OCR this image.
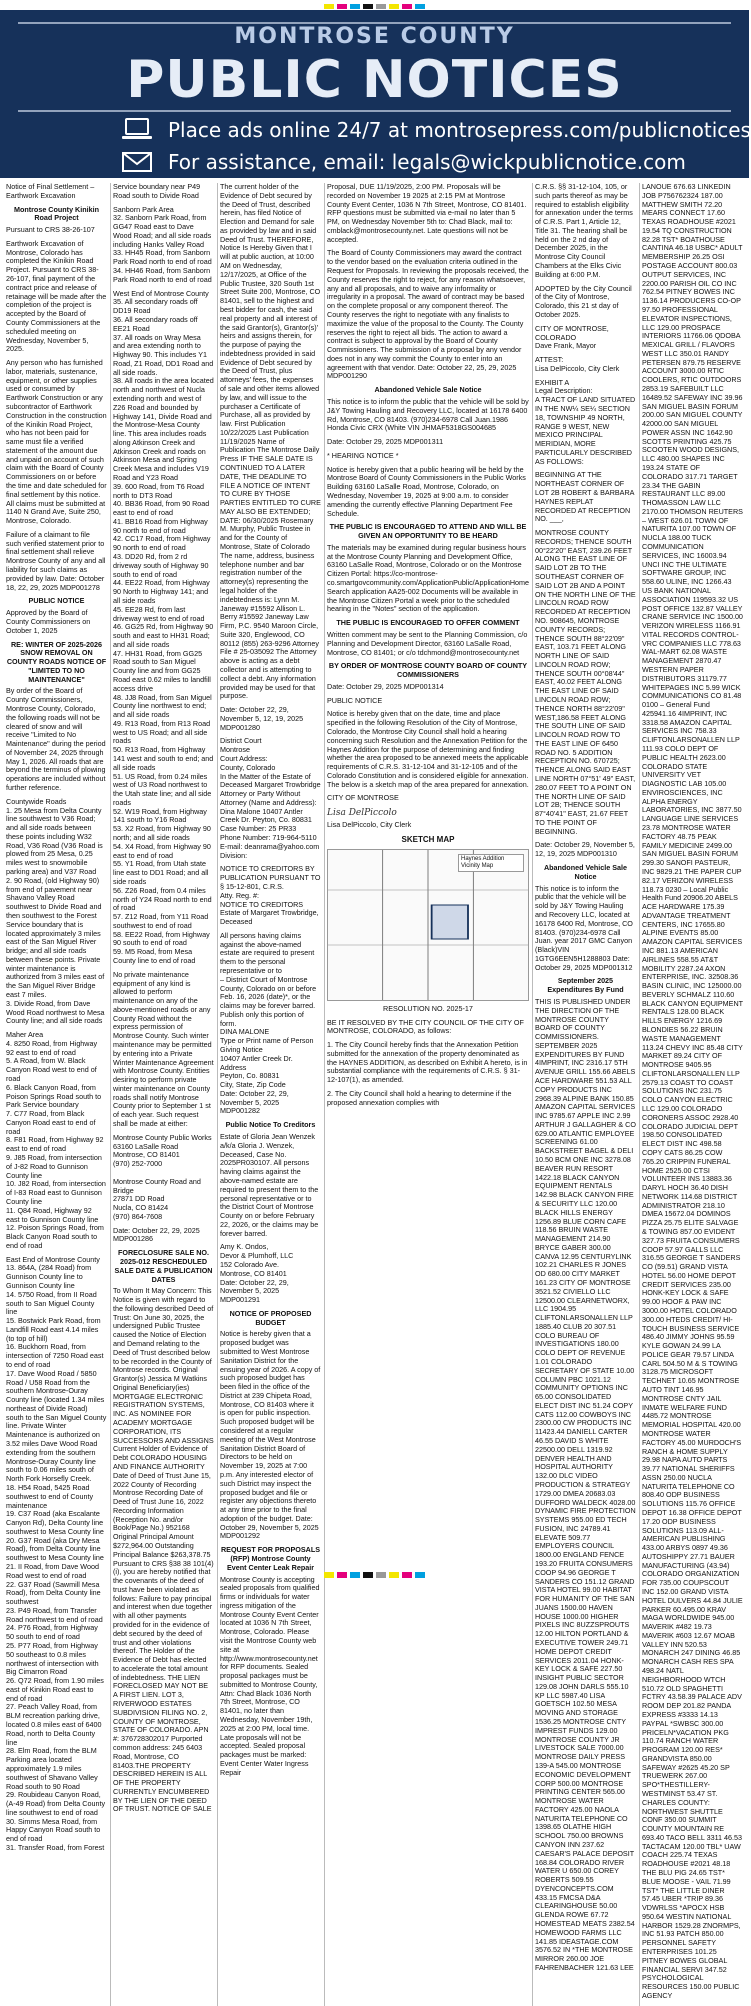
MONTROSE COUNTY
PUBLIC NOTICES
Place ads online 24/7 at montrosepress.com/publicnotices
For assistance, email: legals@wickpublicnotice.com
Notice of Final Settlement – Earthwork Excavation
Montrose County Kinikin Road Project
Pursuant to CRS 38-26-107
Earthwork Excavation of Montrose, Colorado has completed the Kinikin Road Project. Pursuant to CRS 38-26-107, final payment of the contract price and release of retainage will be made after the completion of the project is accepted by the Board of County Commissioners at the scheduled meeting on Wednesday, November 5, 2025.
Any person who has furnished labor, materials, sustenance, equipment, or other supplies used or consumed by Earthwork Construction or any subcontractor of Earthwork Construction in the construction of the Kinikin Road Project, who has not been paid for same must file a verified statement of the amount due and unpaid on account of such claim with the Board of County Commissioners on or before the time and date scheduled for final settlement by this notice. All claims must be submitted at 1140 N Grand Ave, Suite 250, Montrose, Colorado.
Failure of a claimant to file such verified statement prior to final settlement shall relieve Montrose County of any and all liability for such claims as provided by law. Date: October 18, 22, 29, 2025 MDP001278
PUBLIC NOTICE
Approved by the Board of County Commissioners on October 1, 2025
RE: WINTER OF 2025-2026 SNOW REMOVAL ON COUNTY ROADS NOTICE OF "LIMITED TO NO MAINTENANCE"
By order of the Board of County Commissioners, Montrose County, Colorado, the following roads will not be cleared of snow and will receive "Limited to No Maintenance" during the period of November 24, 2025 through May 1, 2026. All roads that are beyond the terminus of plowing operations are included without further reference.
Countywide Roads
1. 25 Mesa from Delta County line southwest to V36 Road; and all side roads between these points including W32 Road, V36 Road (V36 Road is plowed from 25 Mesa, 0.25 miles west to snowmobile parking area) and V37 Road
2. 90 Road, (old Highway 90) from end of pavement near Shavano Valley Road southwest to Divide Road and then southwest to the Forest Service boundary that is located approximately 3 miles east of the San Miguel River bridge; and all side roads between these points. Private winter maintenance is authorized from 3 miles east of the San Miguel River Bridge east 7 miles.
3. Divide Road, from Dave Wood Road northwest to Mesa County line; and all side roads
Maher Area
4. 8250 Road, from Highway 92 east to end of road
5. A Road, from W. Black Canyon Road west to end of road
6. Black Canyon Road, from Poison Springs Road south to Park Service boundary
7. C77 Road, from Black Canyon Road east to end of road
8. F81 Road, from Highway 92 east to end of road
9. J85 Road, from intersection of J-82 Road to Gunnison County line
10. J82 Road, from intersection of I-83 Road east to Gunnison County line
11. Q84 Road, Highway 92 east to Gunnison County line
12. Poison Springs Road, from Black Canyon Road south to end of road
East End of Montrose County
13. 864A, (284 Road) from Gunnison County line to Gunnison County line
14. 5750 Road, from II Road south to San Miguel County line
15. Bostwick Park Road, from Landfill Road east 4.14 miles (to top of hill)
16. Buckhorn Road, from intersection of 7250 Road east to end of road
17. Dave Wood Road / 5850 Road / U58 Road from the southern Montrose-Ouray County line (located 1.34 miles northeast of Divide Road) south to the San Miguel County line. Private Winter Maintenance is authorized on 3.52 miles Dave Wood Road extending from the southern Montrose-Ouray County line south to 0.06 miles south of North Fork Horsefly Creek.
18. H54 Road, 5425 Road southwest to end of County maintenance
19. C37 Road (aka Escalante Canyon Rd), Delta County line southwest to Mesa County line
20. G37 Road (aka Dry Mesa Road), from Delta County line southwest to Mesa County line
21. II Road, from Dave Wood Road west to end of road
22. G37 Road (Sawmill Mesa Road), from Delta County line southwest
23. P49 Road, from Transfer Road northwest to end of road
24. P76 Road, from Highway 50 south to end of road
25. P77 Road, from Highway 50 southeast to 0.8 miles northwest of intersection with Big Cimarron Road
26. Q72 Road, from 1.90 miles east of Kinikin Road east to end of road
27. Peach Valley Road, from BLM recreation parking drive, located 0.8 miles east of 6400 Road, north to Delta County line
28. Elm Road, from the BLM Parking area located approximately 1.9 miles southwest of Shavano Valley Road south to 90 Road
29. Roubideau Canyon Road, (A-49 Road) from Delta County line southwest to end of road
30. Simms Mesa Road, from Happy Canyon Road south to end of road
31. Transfer Road, from Forest
Service boundary near P49 Road south to Divide Road
Sanborn Park Area
32. Sanborn Park Road, from GG47 Road east to Dave Wood Road; and all side roads including Hanks Valley Road
33. HH45 Road, from Sanborn Park Road north to end of road
34. HH46 Road, from Sanborn Park Road north to end of road
West End of Montrose County
35. All secondary roads off DD19 Road
36. All secondary roads off EE21 Road
37. All roads on Wray Mesa and area extending north to Highway 90. This includes Y1 Road, Z1 Road, DD1 Road and all side roads.
38. All roads in the area located north and northwest of Nucla extending north and west of Z26 Road and bounded by Highway 141, Divide Road and the Montrose-Mesa County line. This area includes roads along Atkinson Creek and Atkinson Creek and roads on Atkinson Mesa and Spring Creek Mesa and includes V19 Road and Y23 Road
39. 600 Road, from T6 Road north to DT3 Road
40. BB36 Road, from 90 Road east to end of road
41. BB16 Road from Highway 90 north to end of road
42. CC17 Road, from Highway 90 north to end of road
43. DD20 Rd, from 2 rd driveway south of Highway 90 south to end of road
44. EE22 Road, from Highway 90 North to Highway 141; and all side roads
45. EE28 Rd, from last driveway west to end of road
46. GG25 Rd, from Highway 90 south and east to HH31 Road; and all side roads
47. HH31 Road, from GG25 Road south to San Miguel County line and from GG25 Road east 0.62 miles to landfill access drive
48. JJ8 Road, from San Miguel County line northwest to end; and all side roads
49. R13 Road, from R13 Road west to US Road; and all side roads
50. R13 Road, from Highway 141 west and south to end; and all side roads
51. US Road, from 0.24 miles west of U3 Road northwest to the Utah state line; and all side roads
52. W19 Road, from Highway 141 south to Y16 Road
53. X2 Road, from Highway 90 north; and all side roads
54. X4 Road, from Highway 90 east to end of road
55. Y1 Road, from Utah state line east to DD1 Road; and all side roads
56. Z26 Road, from 0.4 miles north of Y24 Road north to end of road
57. Z12 Road, from Y11 Road southwest to end of road
58. EE22 Road, from Highway 90 south to end of road
59. M5 Road, from Mesa County line to end of road
No private maintenance equipment of any kind is allowed to perform maintenance on any of the above-mentioned roads or any County Road without the express permission of Montrose County. Such winter maintenance may be permitted by entering into a Private Winter Maintenance Agreement with Montrose County. Entities desiring to perform private winter maintenance on County roads shall notify Montrose County prior to September 1 st of each year. Such request shall be made at either:
Montrose County Public Works
63160 LaSalle Road
Montrose, CO 81401
(970) 252-7000

Montrose County Road and Bridge
27871 DD Road
Nucla, CO 81424
(970) 864-7608
Date: October 22, 29, 2025 MDP001286
FORECLOSURE SALE NO. 2025-012 RESCHEDULED SALE DATE & PUBLICATION DATES
To Whom It May Concern: This Notice is given with regard to the following described Deed of Trust: On June 30, 2025, the undersigned Public Trustee caused the Notice of Election and Demand relating to the Deed of Trust described below to be recorded in the County of Montrose records. Original Grantor(s) Jessica M Watkins Original Beneficiary(ies) MORTGAGE ELECTRONIC REGISTRATION SYSTEMS, INC. AS NOMINEE FOR ACADEMY MORTGAGE CORPORATION, ITS SUCCESSORS AND ASSIGNS Current Holder of Evidence of Debt COLORADO HOUSING AND FINANCE AUTHORITY Date of Deed of Trust June 15, 2022 County of Recording Montrose Recording Date of Deed of Trust June 16, 2022 Recording Information (Reception No. and/or Book/Page No.) 952168 Original Principal Amount $272,964.00 Outstanding Principal Balance $263,378.75 Pursuant to CRS §38 38 101(4)(i), you are hereby notified that the covenants of the deed of trust have been violated as follows: Failure to pay principal and interest when due together with all other payments provided for in the evidence of debt secured by the deed of trust and other violations thereof. The Holder of the Evidence of Debt has elected to accelerate the total amount of indebtedness. THE LIEN FORECLOSED MAY NOT BE A FIRST LIEN. LOT 3, RIVERWOOD ESTATES SUBDIVISION FILING NO. 2, COUNTY OF MONTROSE, STATE OF COLORADO. APN #: 376728302017 Purported common address: 245 6403 Road, Montrose, CO 81403.THE PROPERTY DESCRIBED HEREIN IS ALL OF THE PROPERTY CURRENTLY ENCUMBERED BY THE LIEN OF THE DEED OF TRUST. NOTICE OF SALE
The current holder of the Evidence of Debt secured by the Deed of Trust, described herein, has filed Notice of Election and Demand for sale as provided by law and in said Deed of Trust. THEREFORE, Notice Is Hereby Given that I will at public auction, at 10:00 AM on Wednesday, 12/17/2025, at Office of the Public Trustee, 320 South 1st Street Suite 200, Montrose, CO 81401, sell to the highest and best bidder for cash, the said real property and all interest of the said Grantor(s), Grantor(s)' heirs and assigns therein, for the purpose of paying the indebtedness provided in said Evidence of Debt secured by the Deed of Trust, plus attorneys' fees, the expenses of sale and other items allowed by law, and will issue to the purchaser a Certificate of Purchase, all as provided by law. First Publication 10/22/2025 Last Publication 11/19/2025 Name of Publication The Montrose Daily Press IF THE SALE DATE IS CONTINUED TO A LATER DATE, THE DEADLINE TO FILE A NOTICE OF INTENT TO CURE BY THOSE PARTIES ENTITLED TO CURE MAY ALSO BE EXTENDED; DATE: 06/30/2025 Rosemary M. Murphy, Public Trustee in and for the County of Montrose, State of Colorado The name, address, business telephone number and bar registration number of the attorney(s) representing the legal holder of the indebtedness is: Lynn M. Janeway #15592 Allison L. Berry #15592 Janeway Law Firm, P.C. 9540 Maroon Circle, Suite 320, Englewood, CO 80112 (855) 263-9296 Attorney File # 25-035092 The Attorney above is acting as a debt collector and is attempting to collect a debt. Any information provided may be used for that purpose.
Date: October 22, 29, November 5, 12, 19, 2025 MDP001280
District Court
Montrose
Court Address:
County, Colorado
In the Matter of the Estate of Deceased Margaret Trowbridge Attorney or Party Without Attorney (Name and Address): Dina Malone 10407 Antler Creek Dr. Peyton, Co. 80831
Case Number: 25 PR33
Phone Number: 719-964-5110
E-mail: deanrama@yahoo.com
Division:
NOTICE TO CREDITORS BY PUBLICATION PURSUANT TO § 15-12-801, C.R.S.
Atty. Reg. #:
NOTICE TO CREDITORS
Estate of Margaret Trowbridge, Deceased
All persons having claims against the above-named estate are required to present them to the personal representative or to
– District Court of Montrose County, Colorado on or before Feb. 16, 2026 (date)*, or the claims may be forever barred.
Publish only this portion of form.
DINA MALONE
Type or Print name of Person Giving Notice
10407 Antler Creek Dr.
Address
Peyton, Co. 80831
City, State, Zip Code
Date: October 22, 29, November 5, 2025
MDP001282
Public Notice To Creditors
Estate of Gloria Jean Wenzek a/k/a Gloria J. Wenzek, Deceased, Case No. 2025PR030107. All persons having claims against the above-named estate are required to present them to the personal representative or to the District Court of Montrose County on or before February 22, 2026, or the claims may be forever barred.
Amy K. Ondos,
Devor & Plumhoff, LLC
152 Colorado Ave.
Montrose, CO 81401
Date: October 22, 29, November 5, 2025
MDP001291
NOTICE OF PROPOSED BUDGET
Notice is hereby given that a proposed budget was submitted to West Montrose Sanitation District for the ensuing year of 2026. A copy of such proposed budget has been filed in the office of the District at 239 Chipeta Road, Montrose, CO 81403 where it is open for public inspection. Such proposed budget will be considered at a regular meeting of the West Montrose Sanitation District Board of Directors to be held on November 19, 2025 at 7:00 p.m. Any interested elector of such District may inspect the proposed budget and file or register any objections thereto at any time prior to the final adoption of the budget. Date: October 29, November 5, 2025 MDP001292
REQUEST FOR PROPOSALS (RFP) Montrose County Event Center Leak Repair
Montrose County is accepting sealed proposals from qualified firms or individuals for water ingress mitigation of the Montrose County Event Center located at 1036 N 7th Street, Montrose, Colorado. Please visit the Montrose County web site at http://www.montrosecounty.net for RFP documents. Sealed proposal packages must be submitted to Montrose County, Attn: Chad Black 1036 North 7th Street, Montrose, CO 81401, no later than Wednesday, November 19th, 2025 at 2:00 PM, local time. Late proposals will not be accepted. Sealed proposal packages must be marked: Event Center Water Ingress Repair
Proposal, DUE 11/19/2025, 2:00 PM. Proposals will be recorded on November 19 2025 at 2:15 PM at Montrose County Event Center, 1036 N 7th Street, Montrose, CO 81401. RFP questions must be submitted via e-mail no later than 5 PM, on Wednesday November 5th to: Chad Black, mail to: cmblack@montrosecounty.net. Late questions will not be accepted.
The Board of County Commissioners may award the contract to the vendor based on the evaluation criteria outlined in the Request for Proposals. In reviewing the proposals received, the County reserves the right to reject, for any reason whatsoever, any and all proposals, and to waive any informality or irregularity in a proposal. The award of contract may be based on the complete proposal or any component thereof. The County reserves the right to negotiate with any finalists to maximize the value of the proposal to the County. The County reserves the right to reject all bids. The action to award a contract is subject to approval by the Board of County Commissioners. The submission of a proposal by any vendor does not in any way commit the County to enter into an agreement with that vendor. Date: October 22, 25, 29, 2025 MDP001290
Abandoned Vehicle Sale Notice
This notice is to inform the public that the vehicle will be sold by J&Y Towing Hauling and Recovery LLC, located at 16178 6400 Rd, Montrose, CO 81403. (970)234-6978 Call Juan.1986 Honda Civic CRX (White VIN JHMAF5318GS004685
Date: October 29, 2025 MDP001311
* HEARING NOTICE *
Notice is hereby given that a public hearing will be held by the Montrose Board of County Commissioners in the Public Works Building 63160 LaSalle Road, Montrose, Colorado, on Wednesday, November 19, 2025 at 9:00 a.m. to consider amending the currently effective Planning Department Fee Schedule.
THE PUBLIC IS ENCOURAGED TO ATTEND AND WILL BE GIVEN AN OPPORTUNITY TO BE HEARD
The materials may be examined during regular business hours at the Montrose County Planning and Development Office, 63160 LaSalle Road, Montrose, Colorado or on the Montrose Citizen Portal: https://co-montrose-co.smartgovcommunity.com/ApplicationPublic/ApplicationHome Search application AA25-002 Documents will be available in the Montrose Citizen Portal a week prior to the scheduled hearing in the "Notes" section of the application.
THE PUBLIC IS ENCOURAGED TO OFFER COMMENT
Written comment may be sent to the Planning Commission, c/o Planning and Development Director, 63160 LaSalle Road, Montrose, CO 81401; or c/o tdchmond@montrosecounty.net
BY ORDER OF MONTROSE COUNTY BOARD OF COUNTY COMMISSIONERS
Date: October 29, 2025 MDP001314
PUBLIC NOTICE
Notice is hereby given that on the date, time and place specified in the following Resolution of the City of Montrose, Colorado, the Montrose City Council shall hold a hearing concerning such Resolution and the Annexation Petition for the Haynes Addition for the purpose of determining and finding whether the area proposed to be annexed meets the applicable requirements of C.R.S. 31-12-104 and 31-12-105 and of the Colorado Constitution and is considered eligible for annexation. The below is a sketch map of the area prepared for annexation.
CITY OF MONTROSE
Lisa DelPiccolo
Lisa DelPiccolo, City Clerk
SKETCH MAP
Haynes Addition Vicinity Map
RESOLUTION NO. 2025-17
BE IT RESOLVED BY THE CITY COUNCIL OF THE CITY OF MONTROSE, COLORADO, as follows:
1. The City Council hereby finds that the Annexation Petition submitted for the annexation of the property denominated as the HAYNES ADDITION, as described on Exhibit A hereto, is in substantial compliance with the requirements of C.R.S. § 31-12-107(1), as amended.
2. The City Council shall hold a hearing to determine if the proposed annexation complies with
C.R.S. §§ 31-12-104, 105, or such parts thereof as may be required to establish eligibility for annexation under the terms of C.R.S. Part 1, Article 12, Title 31. The hearing shall be held on the 2 nd day of December 2025, in the Montrose City Council Chambers at the Elks Civic Building at 6:00 P.M.
ADOPTED by the City Council of the City of Montrose, Colorado, this 21 st day of October 2025.
CITY OF MONTROSE, COLORADO
Dave Frank, Mayor
ATTEST:
Lisa DelPiccolo, City Clerk
EXHIBIT A
Legal Description:
A TRACT OF LAND SITUATED IN THE NW¼ SE¼ SECTION 18, TOWNSHIP 49 NORTH, RANGE 9 WEST, NEW MEXICO PRINCIPAL MERIDIAN, MORE PARTICULARLY DESCRIBED AS FOLLOWS:
BEGINNING AT THE NORTHEAST CORNER OF LOT 2B ROBERT & BARBARA HAYNES REPLAT RECORDED AT RECEPTION NO. ___,
MONTROSE COUNTY RECORDS; THENCE SOUTH 00°22'20" EAST, 239.26 FEET ALONG THE EAST LINE OF SAID LOT 2B TO THE SOUTHEAST CORNER OF SAID LOT 2B AND A POINT ON THE NORTH LINE OF THE LINCOLN ROAD ROW RECORDED AT RECEPTION NO. 908645, MONTROSE COUNTY RECORDS; THENCE SOUTH 88°22'09" EAST, 103.71 FEET ALONG NORTH LINE OF SAID LINCOLN ROAD ROW; THENCE SOUTH 00°08'44" EAST, 40.02 FEET ALONG THE EAST LINE OF SAID LINCOLN ROAD ROW; THENCE NORTH 88°22'09" WEST,186.58 FEET ALONG THE SOUTH LINE OF SAID LINCOLN ROAD ROW TO THE EAST LINE OF 6450 ROAD NO. 5 ADDITION RECEPTION NO. 670725; THENCE ALONG SAID EAST LINE NORTH 07°51' 49" EAST, 280.07 FEET TO A POINT ON THE NORTH LINE OF SAID LOT 2B; THENCE SOUTH 87°40'41" EAST, 21.67 FEET TO THE POINT OF BEGINNING.
Date: October 29, November 5, 12, 19, 2025 MDP001310
Abandoned Vehicle Sale Notice
This notice is to inform the public that the vehicle will be sold by J&Y Towing Hauling and Recovery LLC, located at 16178 6400 Rd, Montrose, CO 81403. (970)234-6978 Call Juan. year 2017 GMC Canyon (Black)VIN 1GTG6EEN5H1288803 Date: October 29, 2025 MDP001312
September 2025 Expenditures By Fund
THIS IS PUBLISHED UNDER THE DIRECTION OF THE MONTROSE COUNTY BOARD OF COUNTY COMMISSIONERS. SEPTEMBER 2025 EXPENDITURES BY FUND 4IMPRINT, INC 2316.17 5TH AVENUE GRILL 155.66 ABELS ACE HARDWARE 551.53 ALL COPY PRODUCTS INC 2968.39 ALPINE BANK 150.85 AMAZON CAPITAL SERVICES INC 9785.67 APPLE INC 2.99 ARTHUR J GALLAGHER & CO 629.00 ATLANTIC EMPLOYEE SCREENING 61.00 BACKSTREET BAGEL & DELI 10.50 BCM ONE INC 3278.08 BEAVER RUN RESORT 1422.18 BLACK CANYON EQUIPMENT RENTALS 142.98 BLACK CANYON FIRE & SECURITY LLC 120.00 BLACK HILLS ENERGY 1256.89 BLUE CORN CAFE 118.56 BRUIN WASTE MANAGEMENT 214.90 BRYCE GABER 300.00 CANVA 12.95 CENTURYLINK 102.21 CHARLES R JONES OD 680.00 CITY MARKET 161.23 CITY OF MONTROSE 3521.52 CIVIELLO LLC 12500.00 CLEARNETWORX, LLC 1904.95 CLIFTONLARSONALLEN LLP 1885.40 CLUB 20 307.51 COLO BUREAU OF INVESTIGATIONS 180.00 COLO DEPT OF REVENUE 1.01 COLORADO SECRETARY OF STATE 10.00 COLUMN PBC 1021.12 COMMUNITY OPTIONS INC 65.00 CONSOLIDATED ELECT DIST INC 51.24 COPY CATS 112.00 COWBOYS INC 2300.00 CW PRODUCTS INC 11423.44 DANIELL CARTER 46.55 DAVID S WHITE 22500.00 DELL 1319.92 DENVER HEALTH AND HOSPITAL AUTHORITY 132.00 DLC VIDEO PRODUCTION & STRATEGY 1729.00 DMEA 20683.03 DUFFORD WALDECK 4028.00 DYNAMIC FIRE PROTECTION SYSTEMS 955.00 ED TECH FUSION, INC 24789.41 ELEVATE 509.77 EMPLOYERS COUNCIL 1800.00 ENGLAND FENCE 193.20 FRUITA CONSUMERS COOP 94.96 GEORGE T SANDERS CO 151.12 GRAND VISTA HOTEL 99.00 HABITAT FOR HUMANITY OF THE SAN JUANS 1500.00 HAVEN HOUSE 1000.00 HIGHER PIXELS INC 8UZZSPROUTS 12.00 HILTON PORTLAND & EXECUTIVE TOWER 249.71 HOME DEPOT CREDIT SERVICES 2011.04 HONK-KEY LOCK & SAFE 227.50 INSIGHT PUBLIC SECTOR 129.08 JOHN DARLS 555.10 KP LLC 5987.40 LISA GOETSCH 102.50 MESA MOVING AND STORAGE 1536.25 MONTROSE CNTY IMPREST FUNDS 129.00 MONTROSE COUNTY JR LIVESTOCK SALE 7000.00 MONTROSE DAILY PRESS 139-A 545.00 MONTROSE ECONOMIC DEVELOPMENT CORP 500.00 MONTROSE PRINTING CENTER 565.00 MONTROSE WATER FACTORY 425.00 NAOLA NATURITA TELEPHONE CO 1398.65 OLATHE HIGH SCHOOL 750.00 BROWNS CANYON INN 237.62 CAESAR'S PALACE DEPOSIT 168.84 COLORADO RIVER WATER U 650.00 COREY ROBERTS 509.55 DYENCONCEPTS.COM 433.15 FMCSA D&A CLEARINGHOUSE 50.00 GLENDA ROWE 67.72 HOMESTEAD MEATS 2382.54 HOMEWOOD FARMS LLC 141.85 IDEASTAGE.COM 3576.52 IN *THE MONTROSE MIRROR 260.00 JOE FAHRENBACHER 121.63 LEE
LANOUE 676.63 LINKEDIN JOB P756762324 187.00 MATTHEW SMITH 72.20 MEARS CONNECT 17.60 TEXAS ROADHOUSE #2021 19.54 TQ CONSTRUCTION 82.28 TST* BOATHOUSE CANTINA 46.18 USBC* ADULT MEMBERSHIP 26.25 OSI POSTAGE ACCOUNT 800.03 OUTPUT SERVICES, INC 2200.00 PARISH OIL CO INC 762.54 PITNEY BOWES INC 1136.14 PRODUCERS CO-OP 97.50 PROFESSIONAL ELEVATOR INSPECTIONS, LLC 129.00 PROSPACE INTERIORS 11766.06 QDOBA MEXICAL GRILL / FLAVORS WEST LLC 350.01 RANDY PETERSEN 879.75 RESERVE ACCOUNT 3000.00 RTIC COOLERS, RTIC OUTDOORS 2853.19 SAFEBUILT LLC 16489.52 SAFEWAY INC 39.96 SAN MIGUEL BASIN FORUM 200.00 SAN MIGUEL COUNTY 42000.00 SAN MIGUEL POWER ASSN INC 1642.90 SCOTTS PRINTING 425.75 SCOOTEN WOOD DESIGNS, LLC 480.00 SHAPES INC 193.24 STATE OF COLORADO 317.71 TARGET 23.34 THE GABIN RESTAURANT LLC 89.00 THOMASSON LAW LLC 2170.00 THOMSON REUTERS – WEST 626.01 TOWN OF NATURITA 107.00 TOWN OF NUCLA 188.00 TUCK COMMUNICATION SERVICES, INC 16003.94 UNCI INC THE ULTIMATE SOFTWARE GROUP, INC 558.60 ULINE, INC 1266.43 US BANK NATIONAL ASSOCIATION 119593.32 US POST OFFICE 132.87 VALLEY CRANE SERVICE INC 1500.00 VERIZON WIRELESS 1166.91 VITAL RECORDS CONTROL-VRC COMPANIES LLC 778.63 WAL-MART 62.08 WASTE MANAGEMENT 2870.47 WESTERN PAPER DISTRIBUTORS 31179.77 WHITEPAGES INC 5.99 WICK COMMUNICATIONS CO 81.48 0100 – General Fund 425941.16 4IMPRINT, INC 3318.58 AMAZON CAPITAL SERVICES INC 758.33 CLIFTONLARSONALLEN LLP 111.93 COLO DEPT OF PUBLIC HEALTH 2623.00 COLORADO STATE UNIVERSITY VET DIAGNOSTIC LAB 105.00 ENVIROSCIENCES, INC ALPHA ENERGY LABORATORIES, INC 3877.50 LANGUAGE LINE SERVICES 23.78 MONTROSE WATER FACTORY 48.75 PEAK FAMILY MEDICINE 2499.00 SAN MIGUEL BASIN FORUM 299.30 SANOFI PASTEUR, INC 9829.21 THE PAPER CUP 82.17 VERIZON WIRELESS 118.73 0230 – Local Public Health Fund 20906.20 ABELS ACE HARDWARE 175.39 ADVANTAGE TREATMENT CENTERS, INC 17655.80 ALPINE EVENTS 85.00 AMAZON CAPITAL SERVICES INC 881.13 AMERICAN AIRLINES 558.55 AT&T MOBILITY 2287.24 AXON ENTERPRISE, INC. 32508.36 BASIN CLINIC, INC 125000.00 BEVERLY SCHMALZ 110.60 BLACK CANYON EQUIPMENT RENTALS 128.00 BLACK HILLS ENERGY 1216.69 BLONDIES 56.22 BRUIN WASTE MANAGEMENT 113.24 CHEVY INC 85.48 CITY MARKET 89.24 CITY OF MONTROSE 9405.95 CLIFTONLARSONALLEN LLP 2579.13 COAST TO COAST SOLUTIONS INC 231.75 COLO CANYON ELECTRIC LLC 129.00 COLORADO CORONERS ASSOC 2928.40 COLORADO JUDICIAL DEPT 198.50 CONSOLIDATED ELECT DIST INC 498.58 COPY CATS 86.25 COW 765.20 CRIPPIN FUNERAL HOME 2525.00 CTSI VOLUNTEER INS 13883.36 DARYL HOCH 36.40 DISH NETWORK 114.68 DISTRICT ADMINISTRATOR 218.10 DMEA 15672.04 DOMINOS PIZZA 25.75 ELITE SALVAGE & TOWING 857.00 EVIDENT 327.73 FRUITA CONSUMERS COOP 57.97 GALLS LLC 316.55 GEORGE T SANDERS CO (59.51) GRAND VISTA HOTEL 56.00 HOME DEPOT CREDIT SERVICES 235.00 HONK-KEY LOCK & SAFE 99.00 HOOF & PAW INC 3000.00 HOTEL COLORADO 300.00 HTEDS CREDIT/ HI-TOUCH BUSINESS SERVICE 486.40 JIMMY JOHNS 95.59 KYLE GOWAN 24.99 LA POLICE GEAR 79.57 LINDA CARL 504.50 M & S TOWING 3128.75 MICROSOFT TECHNET 10.65 MONTROSE AUTO TINT 146.95 MONTROSE CNTY JAIL INMATE WELFARE FUND 4485.72 MONTROSE MEMORIAL HOSPITAL 420.00 MONTROSE WATER FACTORY 45.00 MURDOCH'S RANCH & HOME SUPPLY 29.98 NAPA AUTO PARTS 39.77 NATIONAL SHERIFFS ASSN 250.00 NUCLA NATURITA TELEPHONE CO 808.40 ODP BUSINESS SOLUTIONS 115.76 OFFICE DEPOT 16.38 OFFICE DEPOT 17.20 ODP BUSINESS SOLUTIONS 113.09 ALL-AMERICAN PUBLISHING 433.00 ARBYS 0897 49.36 AUTOSHIPPY 27.71 BAUER MANUFACTURING (43.94) COLORADO ORGANIZATION FOR 735.00 COUPSCOUT INC 152.00 GRAND VISTA HOTEL DULVERS 44.84 JULIE PARKER 60.495.00 KRAV MAGA WORLDWIDE 945.00 MAVERIK #482 19.73 MAVERIK #603 12.67 MOAB VALLEY INN 520.53 MONARCH 247 DINING 46.85 MONARCH CASH RES SPA 498.24 NATL NEIGHBORHOOD WTCH 510.72 OLD SPAGHETTI FCTRY 43.58.39 PALACE ADV ROOM DEP 201.82 PANDA EXPRESS #3333 14.13 PAYPAL *SWBSC 300.00 PRICELN*VACATION PKG 110.74 RANCH WATER PROGRAM 120.00 RES* GRANDVISTA 850.00 SAFEWAY #2625 45.20 SP TRUEWERK 267.00 SPO*THESTILLERY-WESTMINST 53.47 ST. CHARLES COUNTY: NORTHWEST SHUTTLE CONF 350.00 SUMMIT COUNTY MOUNTAIN RE 693.40 TACO BELL 3311 46.53 TACTACAM 120.00 TBL* UAW COACH 225.74 TEXAS ROADHOUSE #2021 48.18 THE BLU PIG 24.65 TST* BLUE MOOSE - VAIL 71.99 TST* THE LITTLE DINER 57.45 UBER *TRIP 89.36 VDWRLSS *APOCX HSB 950.64 WESTIN NATIONAL HARBOR 1529.28 ZNORMPS, INC 51.93 PATCH 850.00 PERSONNEL SAFETY ENTERPRISES 101.25 PITNEY BOWES GLOBAL FINANCIAL SERVI 347.52 PSYCHOLOGICAL RESOURCES 150.00 PUBLIC AGENCY
